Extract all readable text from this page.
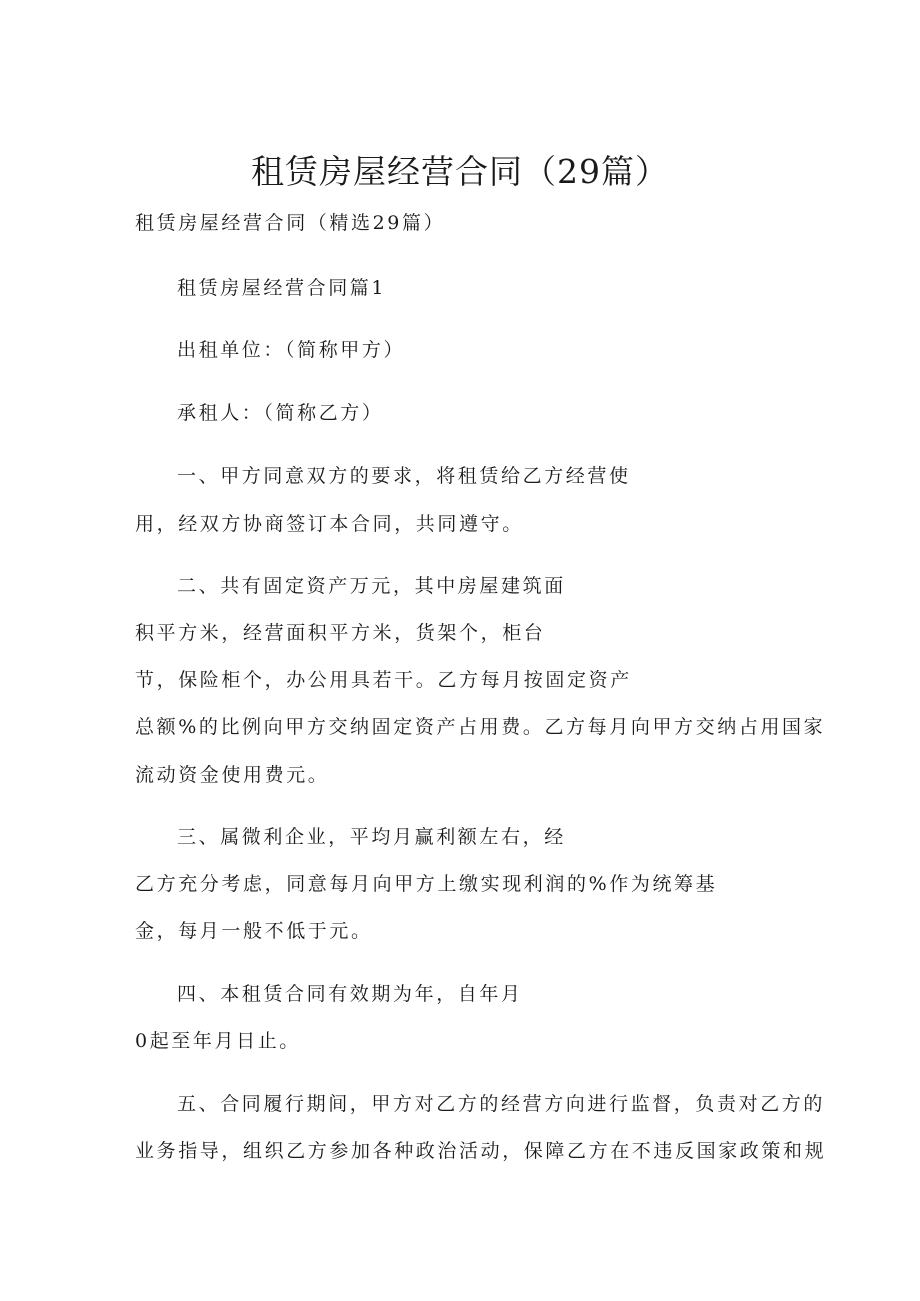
租赁房屋经营合同（29篇）
租赁房屋经营合同（精选29篇）
租赁房屋经营合同篇1
出租单位：（简称甲方）
承租人：（简称乙方）
一、甲方同意双方的要求，将租赁给乙方经营使
用，经双方协商签订本合同，共同遵守。
二、共有固定资产万元，其中房屋建筑面
积平方米，经营面积平方米，货架个，柜台
节，保险柜个，办公用具若干。乙方每月按固定资产
总额%的比例向甲方交纳固定资产占用费。乙方每月向甲方交纳占用国家
流动资金使用费元。
三、属微利企业，平均月赢利额左右，经
乙方充分考虑，同意每月向甲方上缴实现利润的%作为统筹基
金，每月一般不低于元。
四、本租赁合同有效期为年，自年月
0起至年月日止。
五、合同履行期间，甲方对乙方的经营方向进行监督，负责对乙方的
业务指导，组织乙方参加各种政治活动，保障乙方在不违反国家政策和规
